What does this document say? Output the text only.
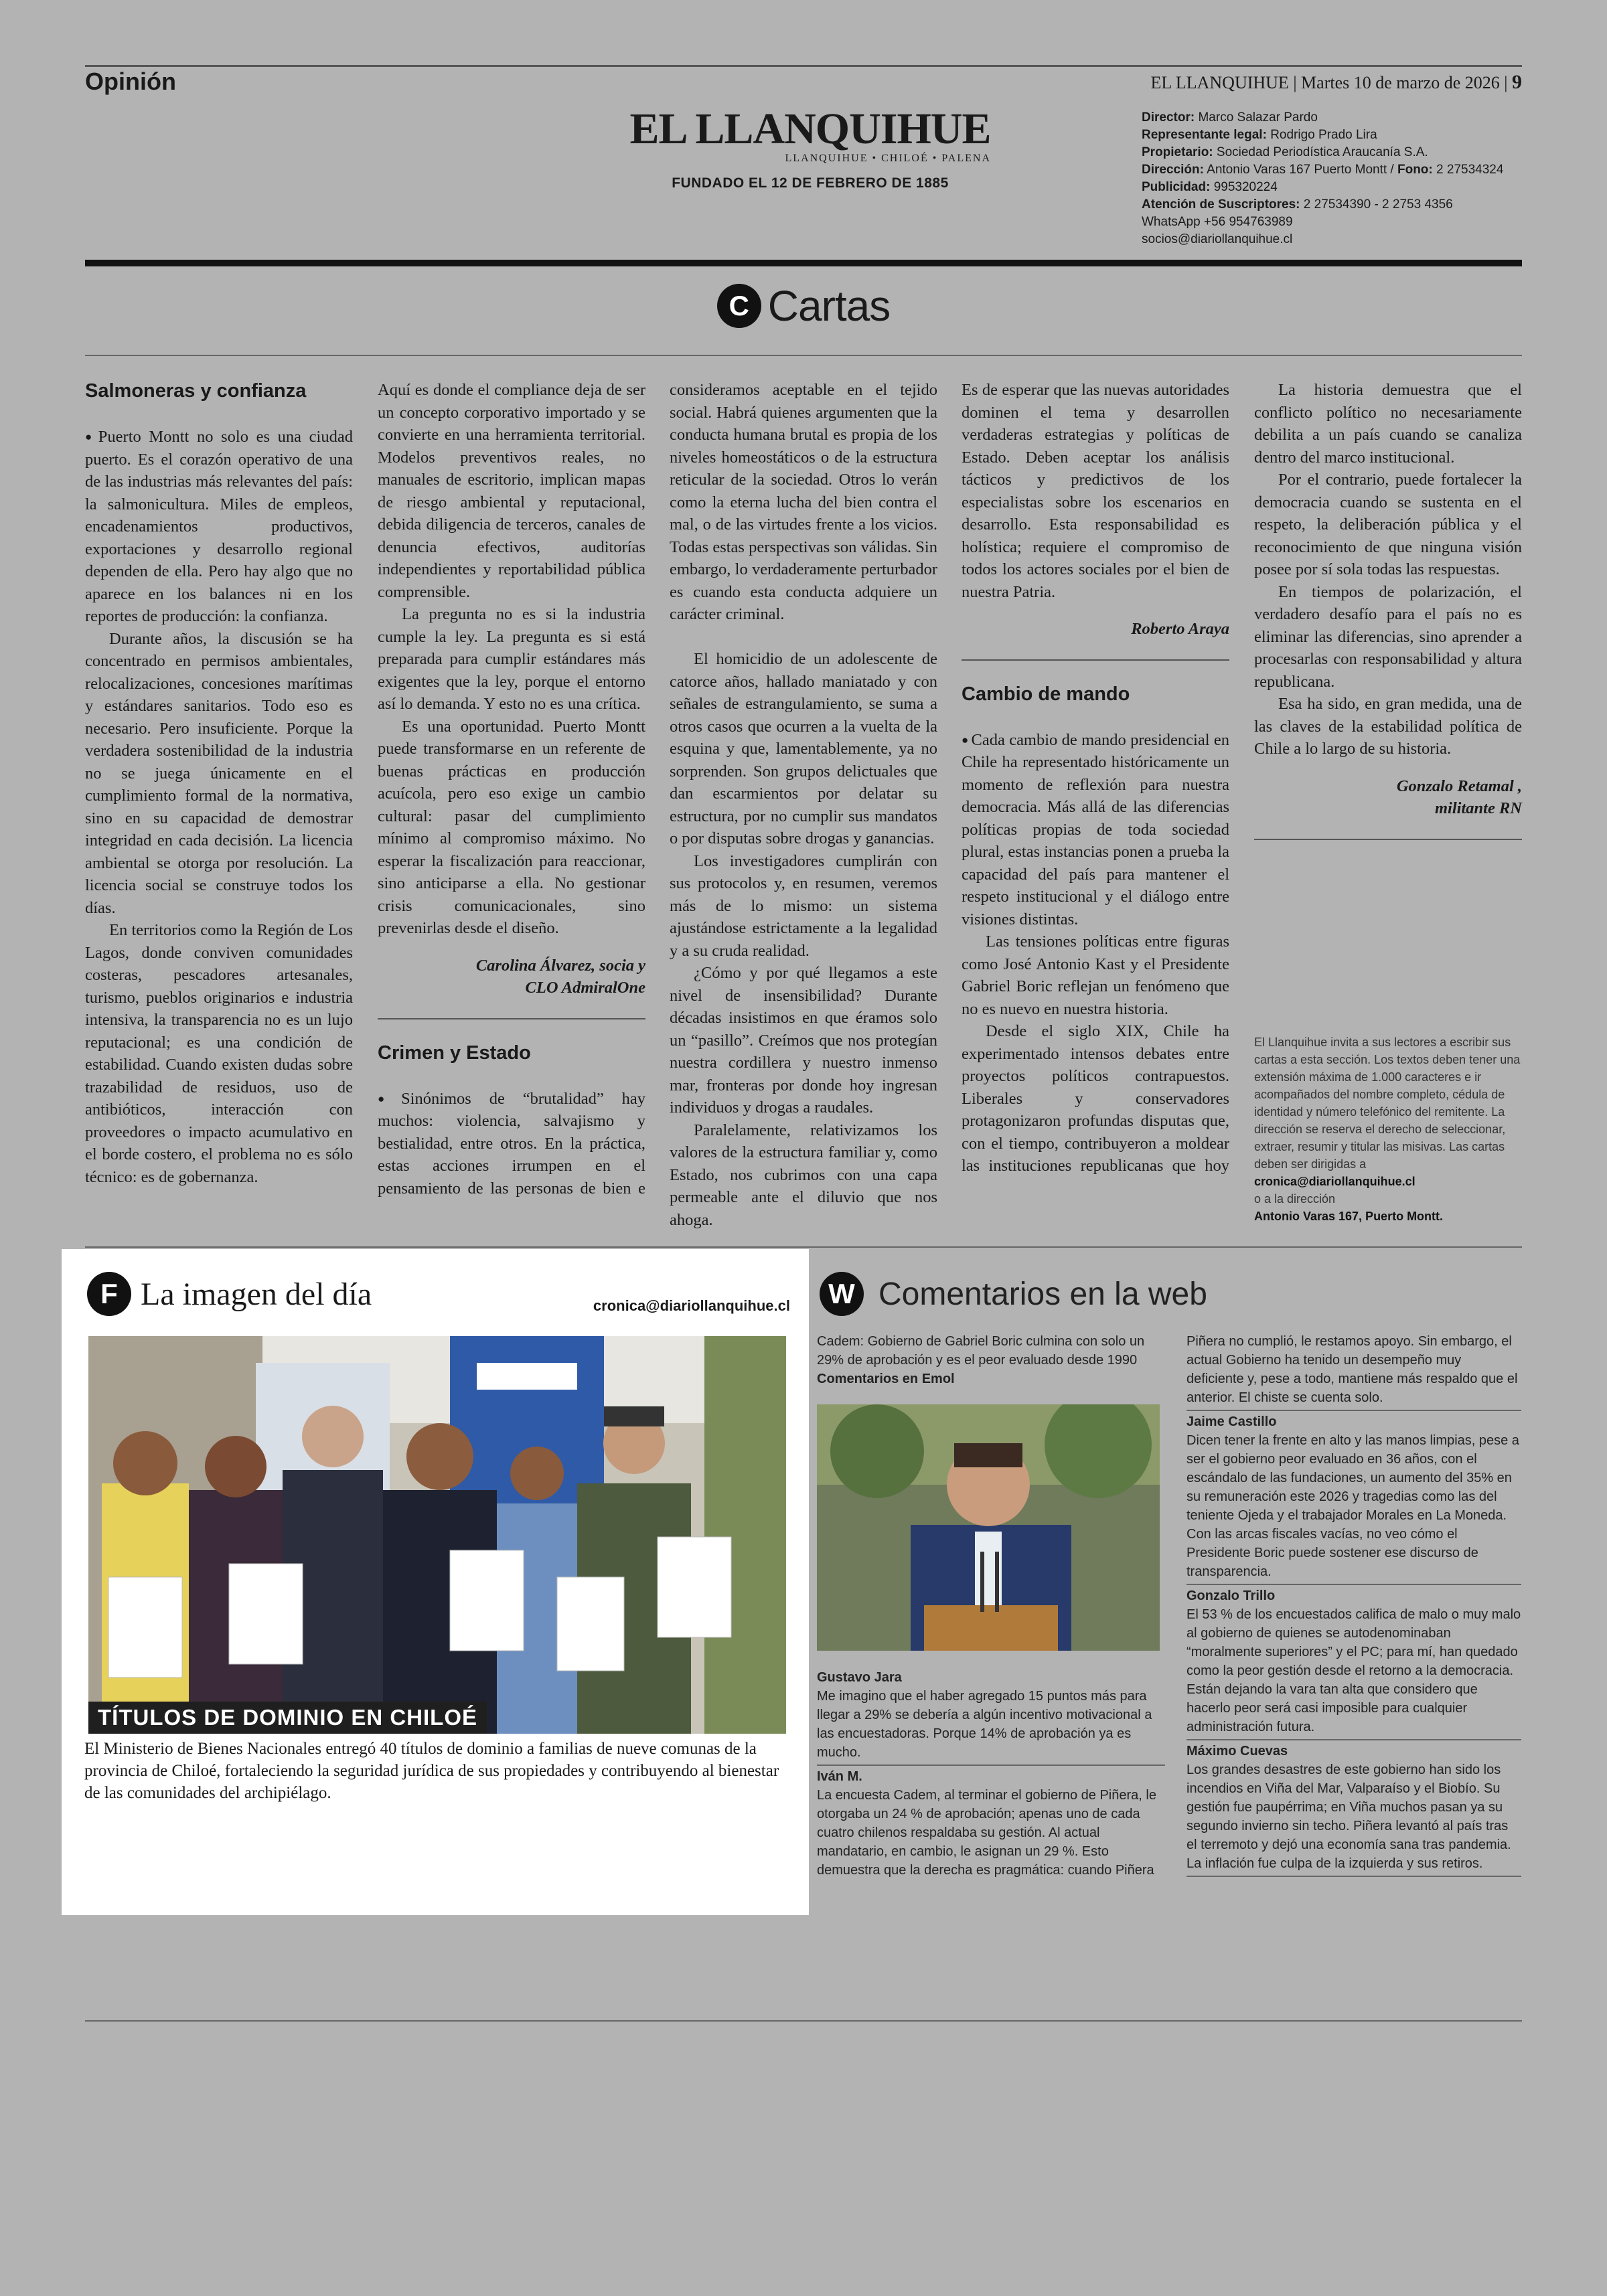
Opinión	EL LLANQUIHUE | Martes 10 de marzo de 2026 | 9
EL LLANQUIHUE
LLANQUIHUE • CHILOÉ • PALENA
FUNDADO EL 12 DE FEBRERO DE 1885
Director: Marco Salazar Pardo
Representante legal: Rodrigo Prado Lira
Propietario: Sociedad Periodística Araucanía S.A.
Dirección: Antonio Varas 167 Puerto Montt / Fono: 2 27534324
Publicidad: 995320224
Atención de Suscriptores: 2 27534390 - 2 2753 4356
WhatsApp +56 954763989
socios@diariollanquihue.cl
C Cartas
Salmoneras y confianza

● Puerto Montt no solo es una ciudad puerto. Es el corazón operativo de una de las industrias más relevantes del país: la salmonicultura. Miles de empleos, encadenamientos productivos, exportaciones y desarrollo regional dependen de ella. Pero hay algo que no aparece en los balances ni en los reportes de producción: la confianza.

Durante años, la discusión se ha concentrado en permisos ambientales, relocalizaciones, concesiones marítimas y estándares sanitarios. Todo eso es necesario. Pero insuficiente. Porque la verdadera sostenibilidad de la industria no se juega únicamente en el cumplimiento formal de la normativa, sino en su capacidad de demostrar integridad en cada decisión. La licencia ambiental se otorga por resolución. La licencia social se construye todos los días.

En territorios como la Región de Los Lagos, donde conviven comunidades costeras, pescadores artesanales, turismo, pueblos originarios e industria intensiva, la transparencia no es un lujo reputacional; es una condición de estabilidad. Cuando existen dudas sobre trazabilidad de residuos, uso de antibióticos, interacción con proveedores o impacto acumulativo en el borde costero, el problema no es sólo técnico: es de gobernanza.

Aquí es donde el compliance deja de ser un concepto corporativo importado y se convierte en una herramienta territorial. Modelos preventivos reales, no manuales de escritorio, implican mapas de riesgo ambiental y reputacional, debida diligencia de terceros, canales de denuncia efectivos, auditorías independientes y reportabilidad pública comprensible.

La pregunta no es si la industria cumple la ley. La pregunta es si está preparada para cumplir estándares más exigentes que la ley, porque el entorno así lo demanda. Y esto no es una crítica.

Es una oportunidad. Puerto Montt puede transformarse en un referente de buenas prácticas en producción acuícola, pero eso exige un cambio cultural: pasar del cumplimiento mínimo al compromiso máximo. No esperar la fiscalización para reaccionar, sino anticiparse a ella. No gestionar crisis comunicacionales, sino prevenirlas desde el diseño.

Carolina Álvarez, socia y
CLO AdmiralOne

Crimen y Estado

● Sinónimos de “brutalidad” hay muchos: violencia, salvajismo y bestialidad, entre otros. En la práctica, estas acciones irrumpen en el pensamiento de las personas de bien e

consideramos aceptable en el tejido social. Habrá quienes argumenten que la conducta humana brutal es propia de los niveles homeostáticos o de la estructura reticular de la sociedad. Otros lo verán como la eterna lucha del bien contra el mal, o de las virtudes frente a los vicios. Todas estas perspectivas son válidas. Sin embargo, lo verdaderamente perturbador es cuando esta conducta adquiere un carácter criminal.

El homicidio de un adolescente de catorce años, hallado maniatado y con señales de estrangulamiento, se suma a otros casos que ocurren a la vuelta de la esquina y que, lamentablemente, ya no sorprenden. Son grupos delictuales que dan escarmientos por delatar su estructura, por no cumplir sus mandatos o por disputas sobre drogas y ganancias.

Los investigadores cumplirán con sus protocolos y, en resumen, veremos más de lo mismo: un sistema ajustándose estrictamente a la legalidad y a su cruda realidad.

¿Cómo y por qué llegamos a este nivel de insensibilidad? Durante décadas insistimos en que éramos solo un “pasillo”. Creímos que nos protegían nuestra cordillera y nuestro inmenso mar, fronteras por donde hoy ingresan individuos y drogas a raudales.

Paralelamente, relativizamos los valores de la estructura familiar y, como Estado, nos cubrimos con una capa permeable ante el diluvio que nos ahoga.

Es de esperar que las nuevas autoridades dominen el tema y desarrollen verdaderas estrategias y políticas de Estado. Deben aceptar los análisis tácticos y predictivos de los especialistas sobre los escenarios en desarrollo. Esta responsabilidad es holística; requiere el compromiso de todos los actores sociales por el bien de nuestra Patria.

Roberto Araya

Cambio de mando

● Cada cambio de mando presidencial en Chile ha representado históricamente un momento de reflexión para nuestra democracia. Más allá de las diferencias políticas propias de toda sociedad plural, estas instancias ponen a prueba la capacidad del país para mantener el respeto institucional y el diálogo entre visiones distintas.

Las tensiones políticas entre figuras como José Antonio Kast y el Presidente Gabriel Boric reflejan un fenómeno que no es nuevo en nuestra historia.

Desde el siglo XIX, Chile ha experimentado intensos debates entre proyectos políticos contrapuestos. Liberales y conservadores protagonizaron profundas disputas que, con el tiempo, contribuyeron a moldear las instituciones republicanas que hoy

La historia demuestra que el conflicto político no necesariamente debilita a un país cuando se canaliza dentro del marco institucional.

Por el contrario, puede fortalecer la democracia cuando se sustenta en el respeto, la deliberación pública y el reconocimiento de que ninguna visión posee por sí sola todas las respuestas.

En tiempos de polarización, el verdadero desafío para el país no es eliminar las diferencias, sino aprender a procesarlas con responsabilidad y altura republicana.

Esa ha sido, en gran medida, una de las claves de la estabilidad política de Chile a lo largo de su historia.

Gonzalo Retamal ,
militante RN

El Llanquihue invita a sus lectores a escribir sus cartas a esta sección. Los textos deben tener una extensión máxima de 1.000 caracteres e ir acompañados del nombre completo, cédula de identidad y número telefónico del remitente. La dirección se reserva el derecho de seleccionar, extraer, resumir y titular las misivas. Las cartas deben ser dirigidas a
cronica@diariollanquihue.cl
o a la dirección
Antonio Varas 167, Puerto Montt.
F La imagen del día	cronica@diariollanquihue.cl
TÍTULOS DE DOMINIO EN CHILOÉ
El Ministerio de Bienes Nacionales entregó 40 títulos de dominio a familias de nueve comunas de la provincia de Chiloé, fortaleciendo la seguridad jurídica de sus propiedades y contribuyendo al bienestar de las comunidades del archipiélago.
W Comentarios en la web
Cadem: Gobierno de Gabriel Boric culmina con solo un 29% de aprobación y es el peor evaluado desde 1990
Comentarios en Emol
Gustavo Jara
Me imagino que el haber agregado 15 puntos más para llegar a 29% se debería a algún incentivo motivacional a las encuestadoras. Porque 14% de aprobación ya es mucho.
Iván M.
La encuesta Cadem, al terminar el gobierno de Piñera, le otorgaba un 24 % de aprobación; apenas uno de cada cuatro chilenos respaldaba su gestión. Al actual mandatario, en cambio, le asignan un 29 %. Esto demuestra que la derecha es pragmática: cuando Piñera
Piñera no cumplió, le restamos apoyo. Sin embargo, el actual Gobierno ha tenido un desempeño muy deficiente y, pese a todo, mantiene más respaldo que el anterior. El chiste se cuenta solo.
Jaime Castillo
Dicen tener la frente en alto y las manos limpias, pese a ser el gobierno peor evaluado en 36 años, con el escándalo de las fundaciones, un aumento del 35% en su remuneración este 2026 y tragedias como las del teniente Ojeda y el trabajador Morales en La Moneda. Con las arcas fiscales vacías, no veo cómo el Presidente Boric puede sostener ese discurso de transparencia.
Gonzalo Trillo
El 53 % de los encuestados califica de malo o muy malo al gobierno de quienes se autodenominaban “moralmente superiores” y el PC; para mí, han quedado como la peor gestión desde el retorno a la democracia. Están dejando la vara tan alta que considero que hacerlo peor será casi imposible para cualquier administración futura.
Máximo Cuevas
Los grandes desastres de este gobierno han sido los incendios en Viña del Mar, Valparaíso y el Biobío. Su gestión fue paupérrima; en Viña muchos pasan ya su segundo invierno sin techo. Piñera levantó al país tras el terremoto y dejó una economía sana tras pandemia. La inflación fue culpa de la izquierda y sus retiros.
